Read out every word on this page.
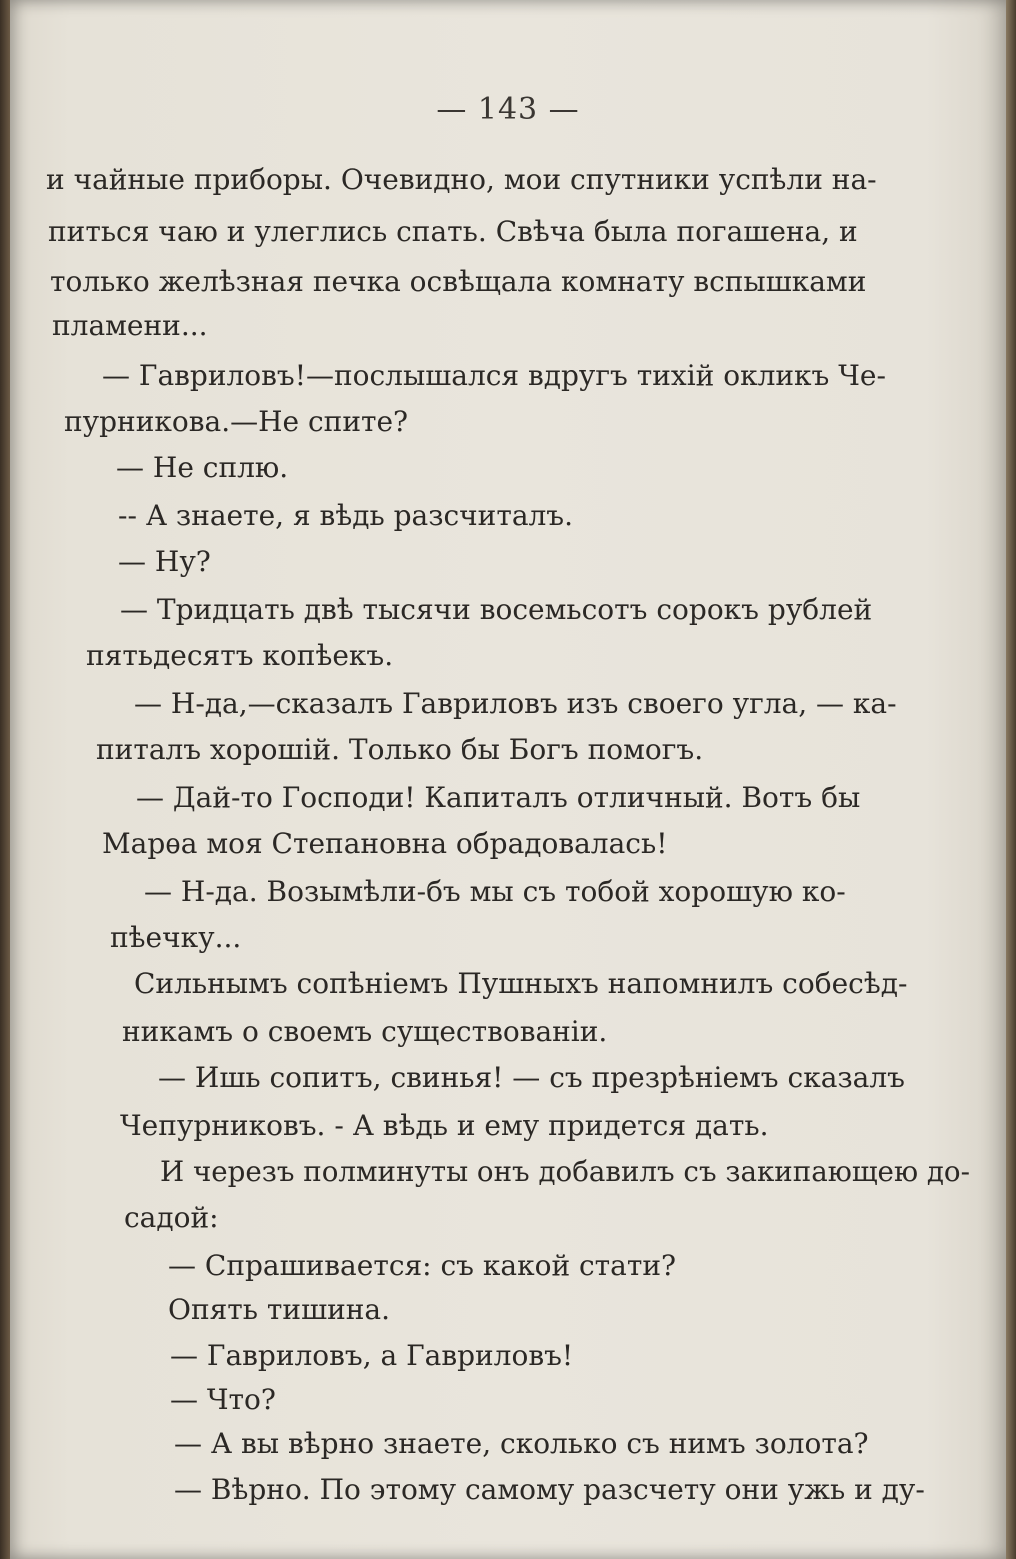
— 143 —
и чайные приборы. Очевидно, мои спутники успѣли на-
питься чаю и улеглись спать. Свѣча была погашена, и
только желѣзная печка освѣщала комнату вспышками
пламени...
— Гавриловъ!—послышался вдругъ тихій окликъ Че-
пурникова.—Не спите?
— Не сплю.
-- А знаете, я вѣдь разсчиталъ.
— Ну?
— Тридцать двѣ тысячи восемьсотъ сорокъ рублей
пятьдесятъ копѣекъ.
— Н-да,—сказалъ Гавриловъ изъ своего угла, — ка-
питалъ хорошій. Только бы Богъ помогъ.
— Дай-то Господи! Капиталъ отличный. Вотъ бы
Марѳа моя Степановна обрадовалась!
— Н-да. Возымѣли-бъ мы съ тобой хорошую ко-
пѣечку...
Сильнымъ сопѣніемъ Пушныхъ напомнилъ собесѣд-
никамъ о своемъ существованіи.
— Ишь сопитъ, свинья! — съ презрѣніемъ сказалъ
Чепурниковъ. - А вѣдь и ему придется дать.
И черезъ полминуты онъ добавилъ съ закипающею до-
садой:
— Спрашивается: съ какой стати?
Опять тишина.
— Гавриловъ, а Гавриловъ!
— Что?
— А вы вѣрно знаете, сколько съ нимъ золота?
— Вѣрно. По этому самому разсчету они ужь и ду-
